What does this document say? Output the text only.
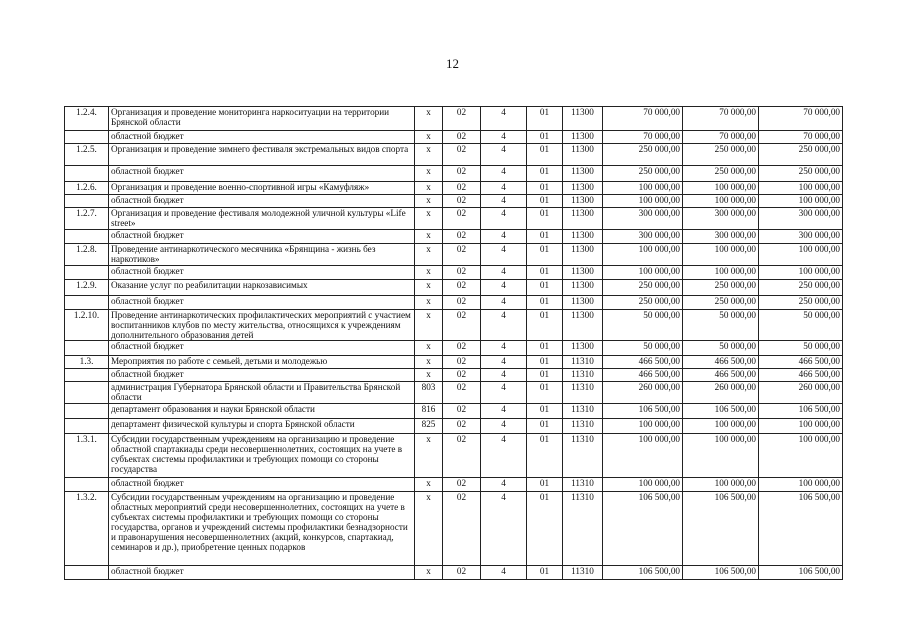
12
1.2.4.	Организация и проведение мониторинга наркоситуации на территории Брянской области	х	02	4	01	11300	70 000,00	70 000,00	70 000,00
	областной бюджет	х	02	4	01	11300	70 000,00	70 000,00	70 000,00
1.2.5.	Организация и проведение зимнего фестиваля экстремальных видов спорта	х	02	4	01	11300	250 000,00	250 000,00	250 000,00
	областной бюджет	х	02	4	01	11300	250 000,00	250 000,00	250 000,00
1.2.6.	Организация и проведение военно-спортивной игры «Камуфляж»	х	02	4	01	11300	100 000,00	100 000,00	100 000,00
	областной бюджет	х	02	4	01	11300	100 000,00	100 000,00	100 000,00
1.2.7.	Организация и проведение фестиваля молодежной уличной культуры «Life street»	х	02	4	01	11300	300 000,00	300 000,00	300 000,00
	областной бюджет	х	02	4	01	11300	300 000,00	300 000,00	300 000,00
1.2.8.	Проведение антинаркотического месячника «Брянщина - жизнь без наркотиков»	х	02	4	01	11300	100 000,00	100 000,00	100 000,00
	областной бюджет	х	02	4	01	11300	100 000,00	100 000,00	100 000,00
1.2.9.	Оказание услуг по реабилитации наркозависимых	х	02	4	01	11300	250 000,00	250 000,00	250 000,00
	областной бюджет	х	02	4	01	11300	250 000,00	250 000,00	250 000,00
1.2.10.	Проведение антинаркотических профилактических мероприятий с участием воспитанников клубов по месту жительства, относящихся к учреждениям дополнительного образования детей	х	02	4	01	11300	50 000,00	50 000,00	50 000,00
	областной бюджет	х	02	4	01	11300	50 000,00	50 000,00	50 000,00
1.3.	Мероприятия по работе с семьей, детьми и молодежью	х	02	4	01	11310	466 500,00	466 500,00	466 500,00
	областной бюджет	х	02	4	01	11310	466 500,00	466 500,00	466 500,00
	администрация Губернатора Брянской области и Правительства Брянской области	803	02	4	01	11310	260 000,00	260 000,00	260 000,00
	департамент образования и науки Брянской области	816	02	4	01	11310	106 500,00	106 500,00	106 500,00
	департамент физической культуры и спорта Брянской области	825	02	4	01	11310	100 000,00	100 000,00	100 000,00
1.3.1.	Субсидии государственным учреждениям на организацию и проведение областной спартакиады среди несовершеннолетних, состоящих на учете в субъектах системы профилактики и требующих помощи со стороны государства	х	02	4	01	11310	100 000,00	100 000,00	100 000,00
	областной бюджет	х	02	4	01	11310	100 000,00	100 000,00	100 000,00
1.3.2.	Субсидии государственным учреждениям на организацию и проведение областных мероприятий среди несовершеннолетних, состоящих на учете в субъектах системы профилактики и требующих помощи со стороны государства, органов и учреждений системы профилактики безнадзорности и правонарушения несовершеннолетних (акций, конкурсов, спартакиад, семинаров и др.), приобретение ценных подарков	х	02	4	01	11310	106 500,00	106 500,00	106 500,00
	областной бюджет	х	02	4	01	11310	106 500,00	106 500,00	106 500,00
